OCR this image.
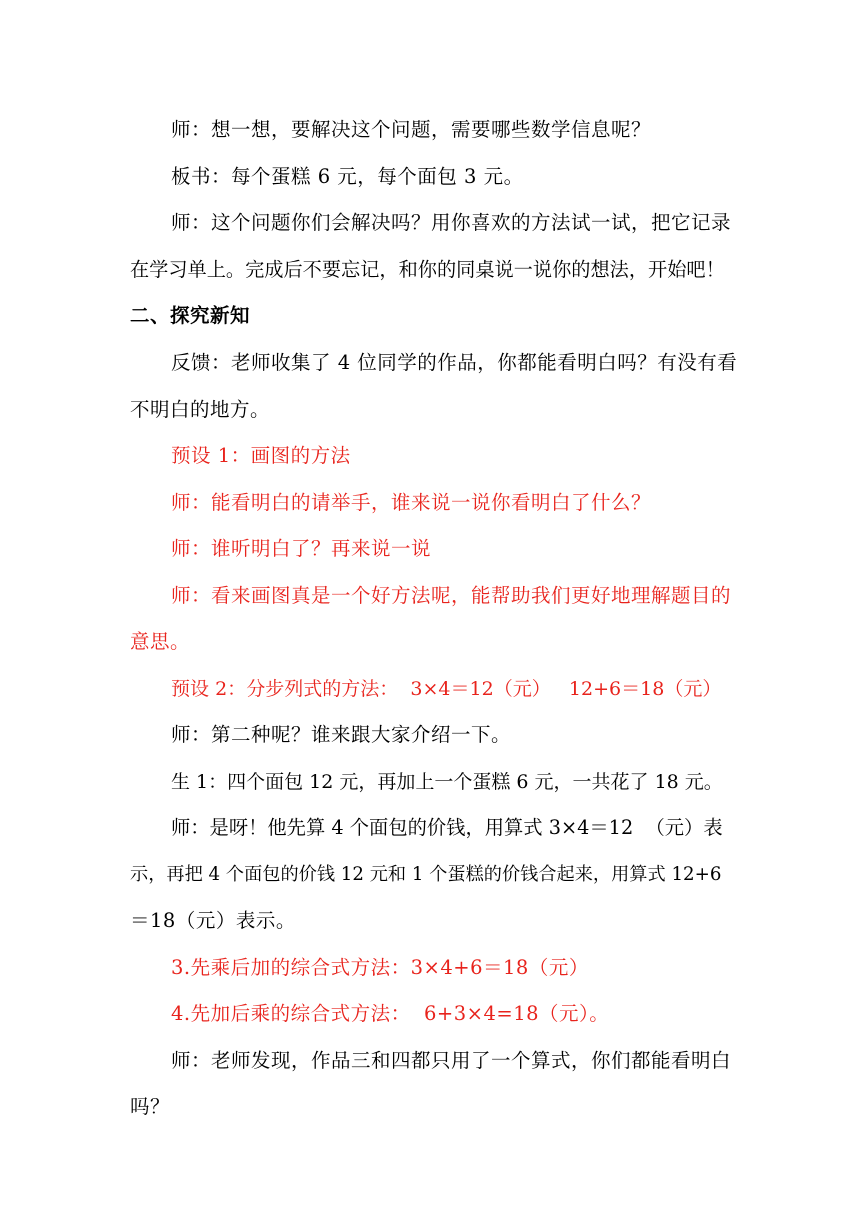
师：想一想，要解决这个问题，需要哪些数学信息呢？
板书：每个蛋糕 6 元，每个面包 3 元。
师：这个问题你们会解决吗？用你喜欢的方法试一试，把它记录
在学习单上。完成后不要忘记，和你的同桌说一说你的想法，开始吧！
二、探究新知
反馈：老师收集了 4 位同学的作品，你都能看明白吗？有没有看
不明白的地方。
预设 1：画图的方法
师：能看明白的请举手，谁来说一说你看明白了什么？
师：谁听明白了？再来说一说
师：看来画图真是一个好方法呢，能帮助我们更好地理解题目的
意思。
预设 2：分步列式的方法：  3×4＝12（元）   12+6＝18（元）
师：第二种呢？谁来跟大家介绍一下。
生 1：四个面包 12 元，再加上一个蛋糕 6 元，一共花了 18 元。
师：是呀！他先算 4 个面包的价钱，用算式 3×4＝12  （元）表
示，再把 4 个面包的价钱 12 元和 1 个蛋糕的价钱合起来，用算式 12+6
＝18（元）表示。
3.先乘后加的综合式方法：3×4+6＝18（元）
4.先加后乘的综合式方法：  6+3×4=18（元）。
师：老师发现，作品三和四都只用了一个算式，你们都能看明白
吗？
